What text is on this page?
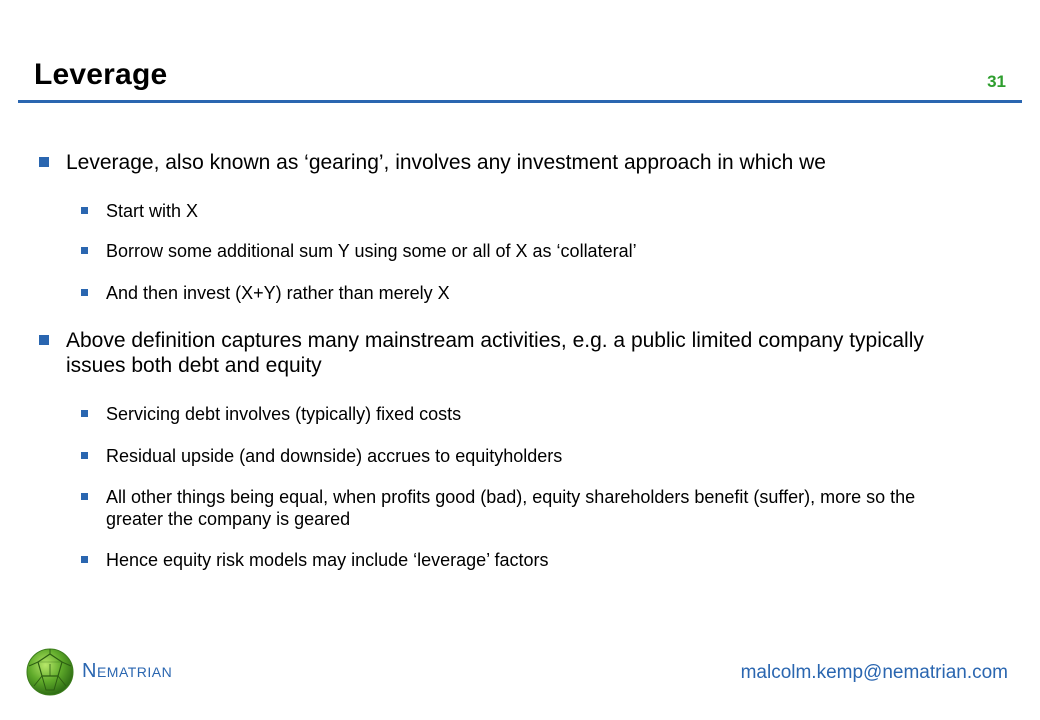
Leverage	31
Leverage, also known as ‘gearing’, involves any investment approach in which we
Start with X
Borrow some additional sum Y using some or all of X as ‘collateral’
And then invest (X+Y) rather than merely X
Above definition captures many mainstream activities, e.g. a public limited company typically issues both debt and equity
Servicing debt involves (typically) fixed costs
Residual upside (and downside) accrues to equityholders
All other things being equal, when profits good (bad), equity shareholders benefit (suffer), more so the greater the company is geared
Hence equity risk models may include ‘leverage’ factors
Nematrian	malcolm.kemp@nematrian.com
